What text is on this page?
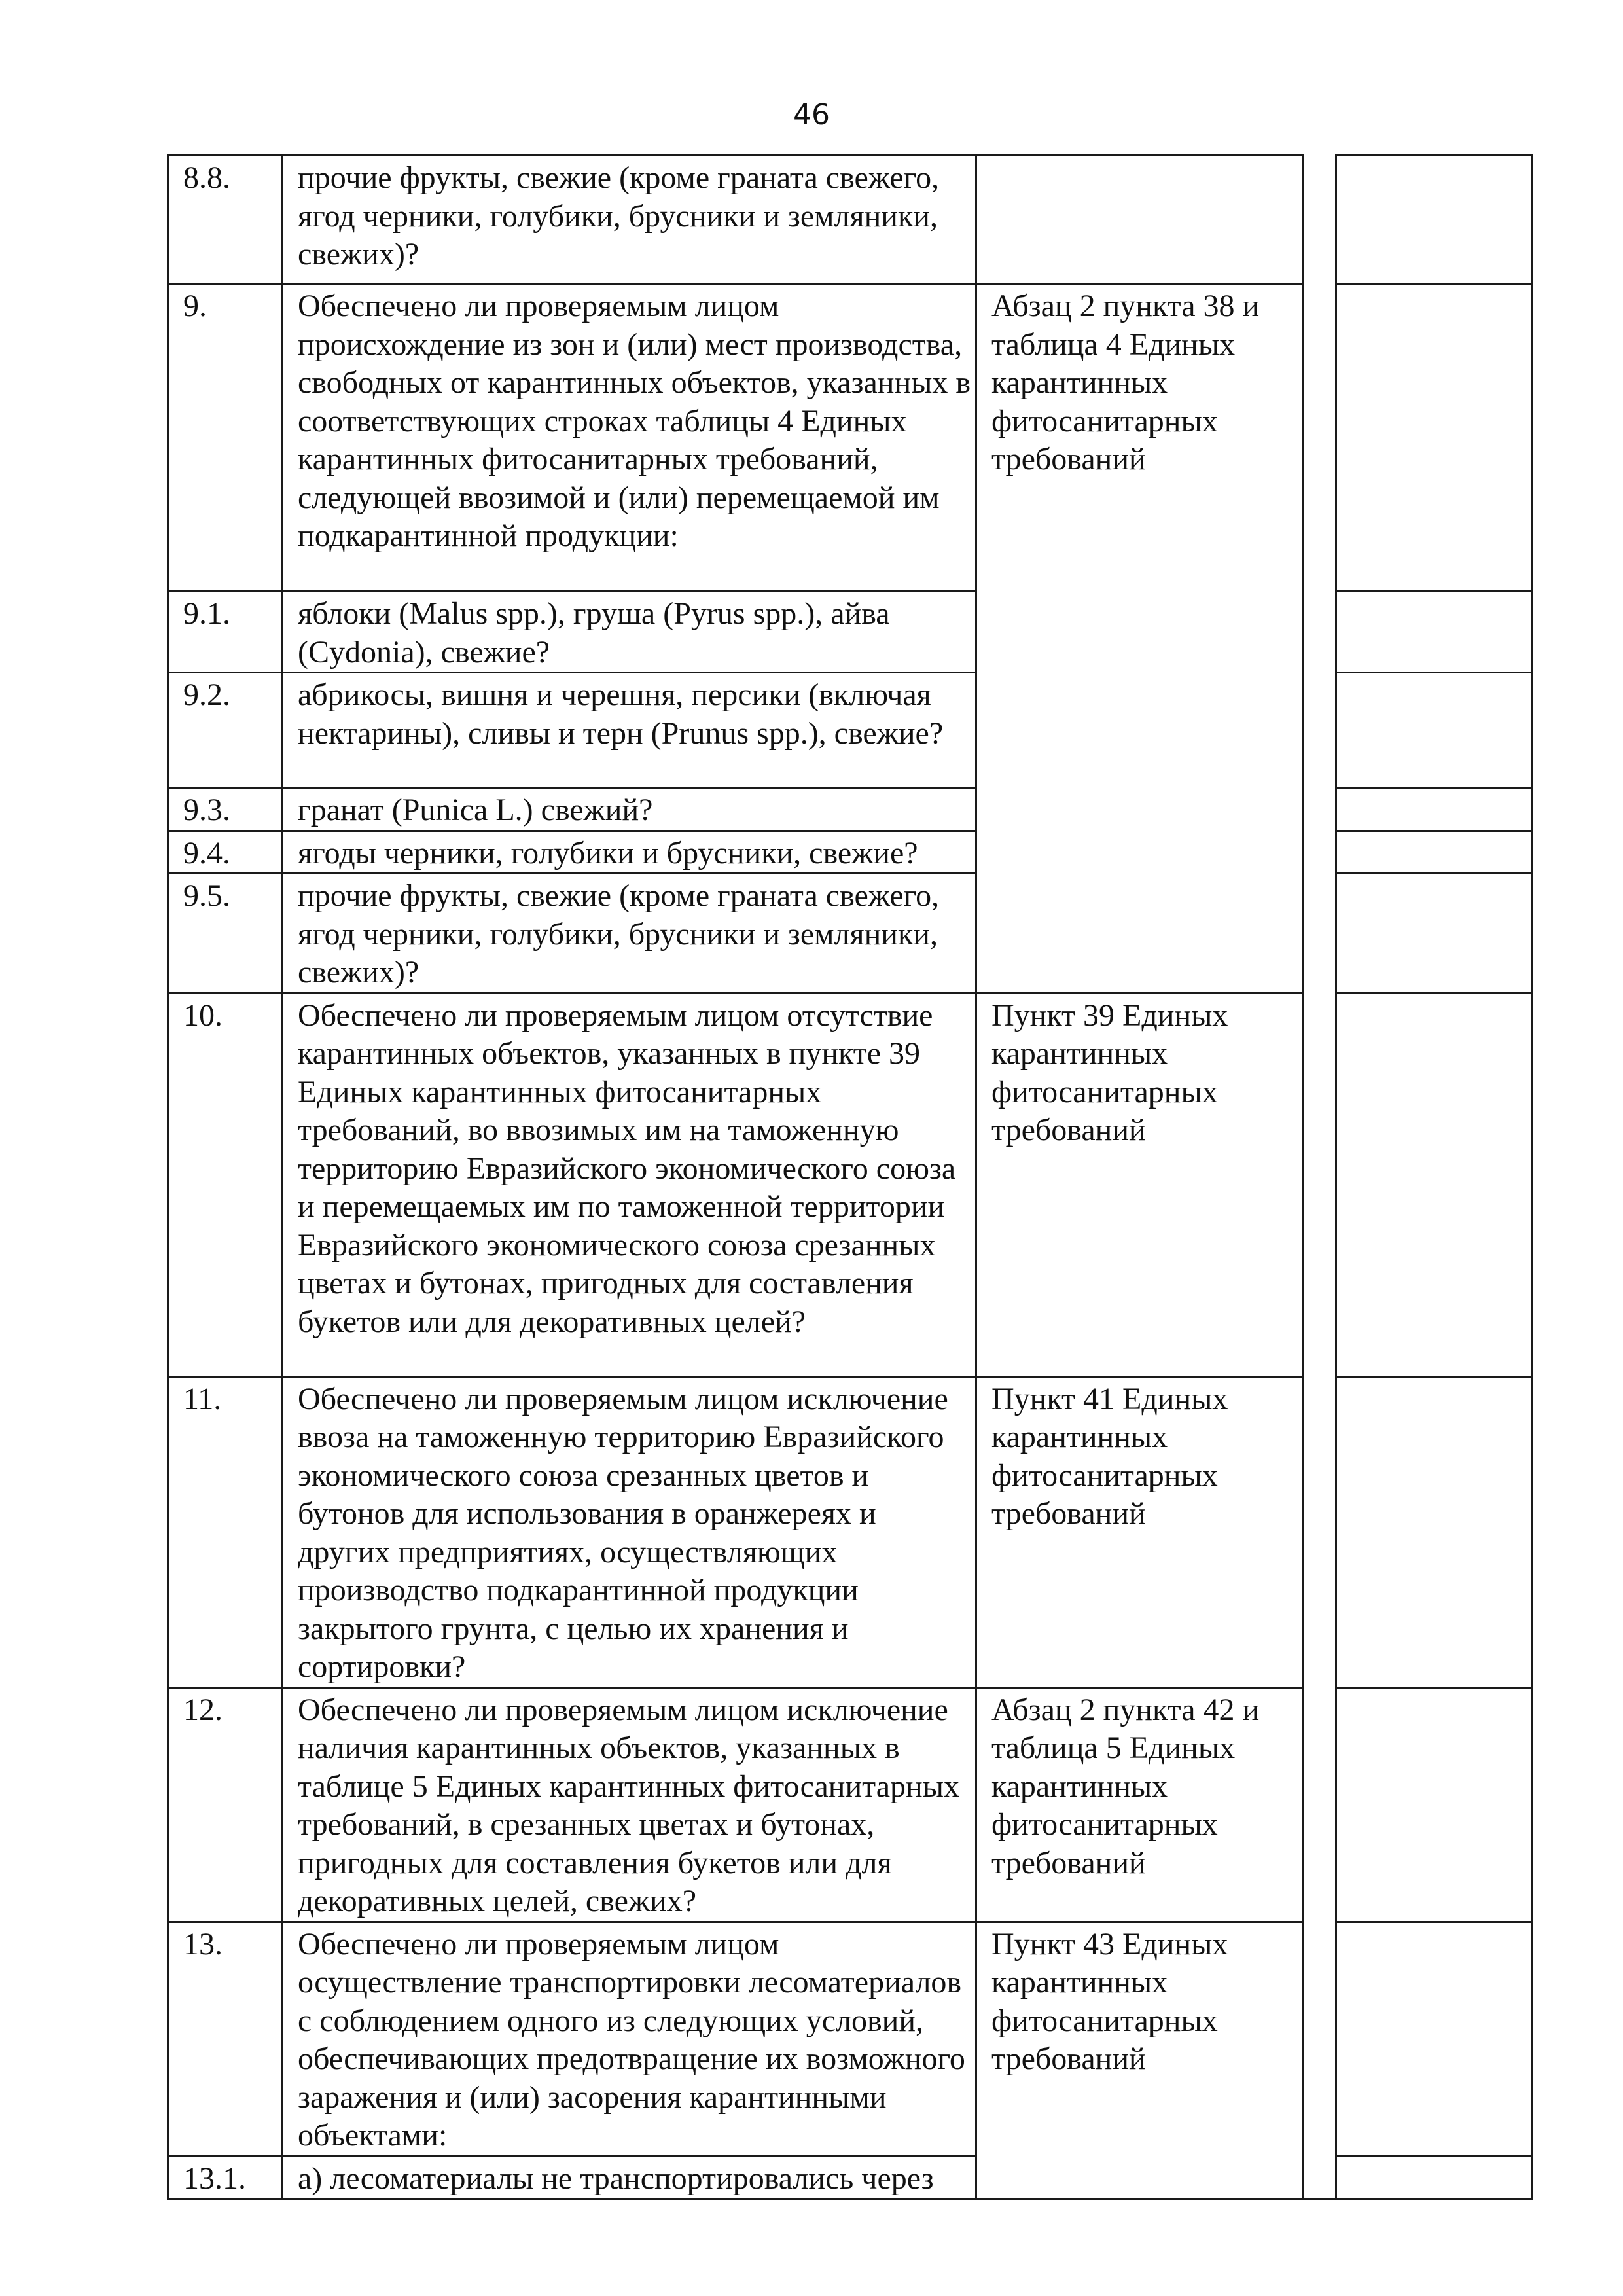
46
8.8.	прочие фрукты, свежие (кроме граната свежего, ягод черники, голубики, брусники и земляники, свежих)?			
9.	Обеспечено ли проверяемым лицом происхождение из зон и (или) мест производства, свободных от карантинных объектов, указанных в соответствующих строках таблицы 4 Единых карантинных фитосанитарных требований, следующей ввозимой и (или) перемещаемой им подкарантинной продукции:	Абзац 2 пункта 38 и таблица 4 Единых карантинных фитосанитарных требований		
9.1.	яблоки (Malus spp.), груша (Pyrus spp.), айва (Cydonia), свежие?			
9.2.	абрикосы, вишня и черешня, персики (включая нектарины), сливы и терн (Prunus spp.), свежие?			
9.3.	гранат (Punica L.) свежий?			
9.4.	ягоды черники, голубики и брусники, свежие?			
9.5.	прочие фрукты, свежие (кроме граната свежего, ягод черники, голубики, брусники и земляники, свежих)?			
10.	Обеспечено ли проверяемым лицом отсутствие карантинных объектов, указанных в пункте 39 Единых карантинных фитосанитарных требований, во ввозимых им на таможенную территорию Евразийского экономического союза и перемещаемых им по таможенной территории Евразийского экономического союза срезанных цветах и бутонах, пригодных для составления букетов или для декоративных целей?	Пункт 39 Единых карантинных фитосанитарных требований		
11.	Обеспечено ли проверяемым лицом исключение ввоза на таможенную территорию Евразийского экономического союза срезанных цветов и бутонов для использования в оранжереях и других предприятиях, осуществляющих производство подкарантинной продукции закрытого грунта, с целью их хранения и сортировки?	Пункт 41 Единых карантинных фитосанитарных требований		
12.	Обеспечено ли проверяемым лицом исключение наличия карантинных объектов, указанных в таблице 5 Единых карантинных фитосанитарных требований, в срезанных цветах и бутонах, пригодных для составления букетов или для декоративных целей, свежих?	Абзац 2 пункта 42 и таблица 5 Единых карантинных фитосанитарных требований		
13.	Обеспечено ли проверяемым лицом осуществление транспортировки лесоматериалов с соблюдением одного из следующих условий, обеспечивающих предотвращение их возможного заражения и (или) засорения карантинными объектами:	Пункт 43 Единых карантинных фитосанитарных требований		
13.1.	а) лесоматериалы не транспортировались через			
